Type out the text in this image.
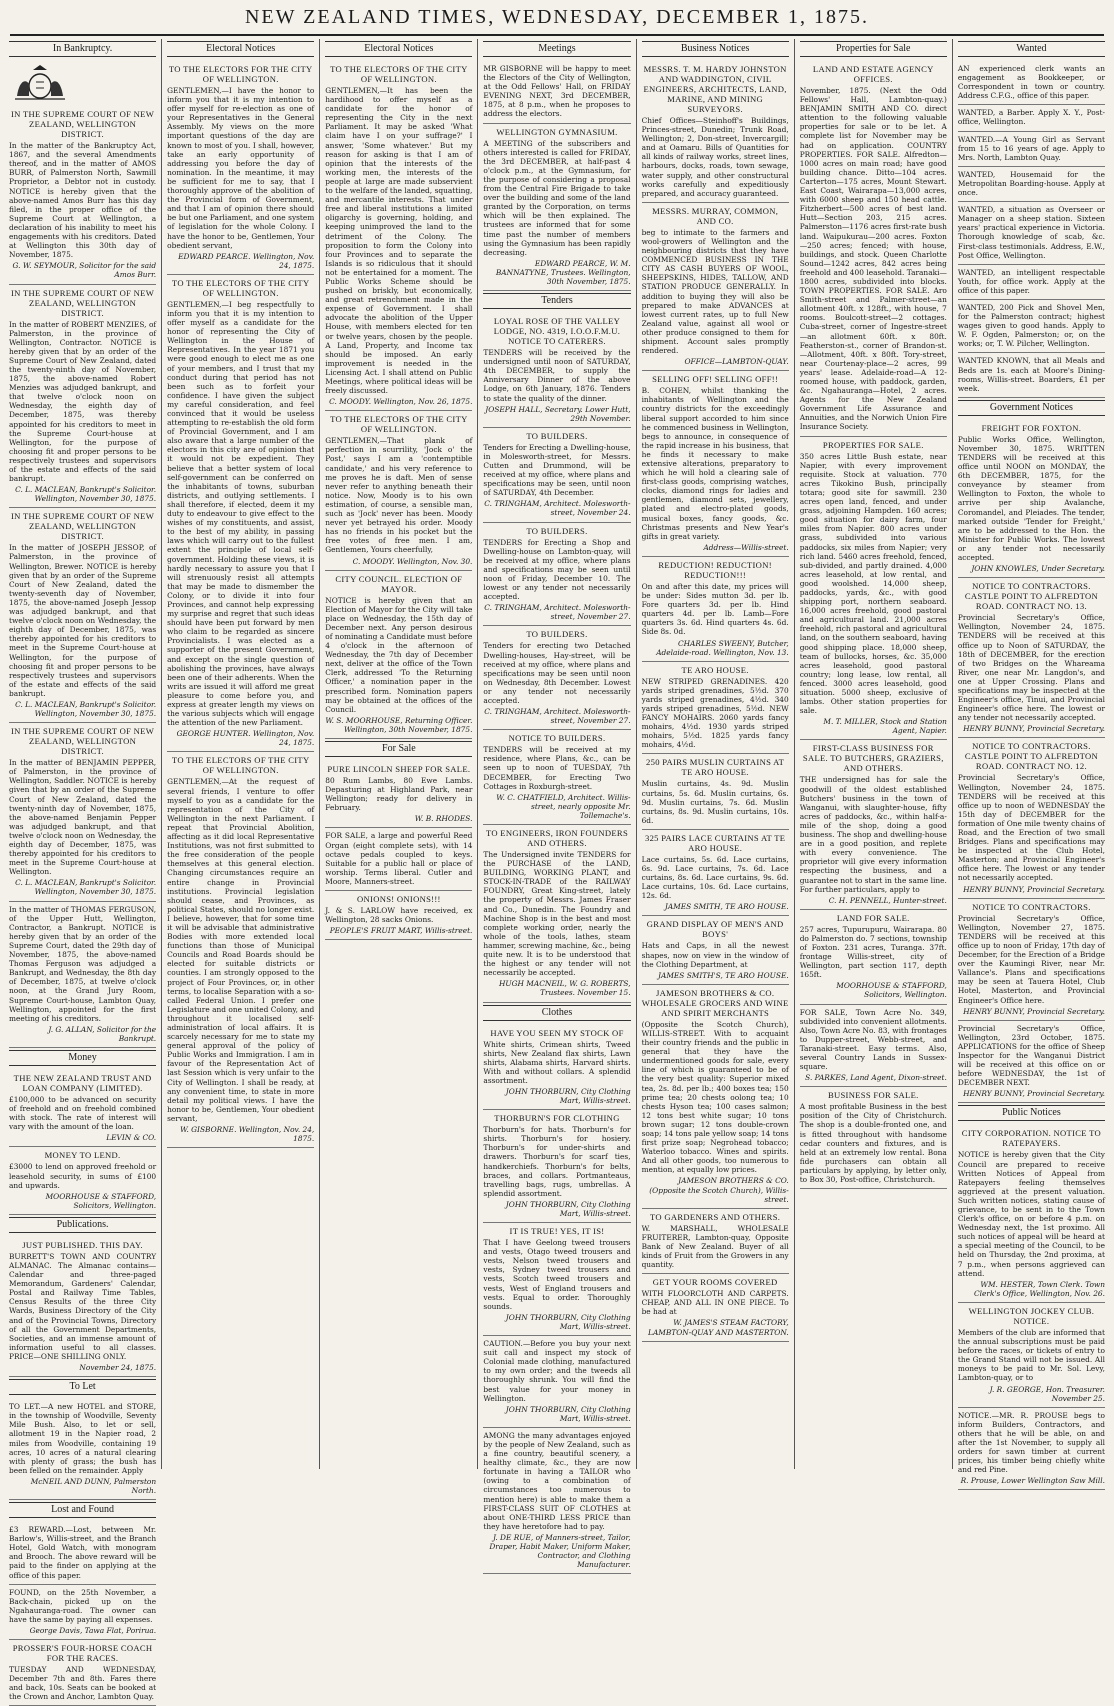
NEW ZEALAND TIMES, WEDNESDAY, DECEMBER 1, 1875.
In Bankruptcy.
IN THE SUPREME COURT OF NEW ZEALAND, WELLINGTON DISTRICT.
In the matter of the Bankruptcy Act, 1867, and the several Amendments thereof, and in the matter of AMOS BURR, of Palmerston North, Sawmill Proprietor, a Debtor not in custody. NOTICE is hereby given that the above-named Amos Burr has this day filed, in the proper office of the Supreme Court at Wellington, a declaration of his inability to meet his engagements with his creditors. Dated at Wellington this 30th day of November, 1875.
G. W. SEYMOUR, Solicitor for the said Amos Burr.
IN THE SUPREME COURT OF NEW ZEALAND, WELLINGTON DISTRICT.
In the matter of ROBERT MENZIES, of Palmerston, in the province of Wellington, Contractor. NOTICE is hereby given that by an order of the Supreme Court of New Zealand, dated the twenty-ninth day of November, 1875, the above-named Robert Menzies was adjudged bankrupt, and that twelve o'clock noon on Wednesday, the eighth day of December, 1875, was thereby appointed for his creditors to meet in the Supreme Court-house at Wellington, for the purpose of choosing fit and proper persons to be respectively trustees and supervisors of the estate and effects of the said bankrupt.
C. L. MACLEAN, Bankrupt's Solicitor. Wellington, November 30, 1875.
IN THE SUPREME COURT OF NEW ZEALAND, WELLINGTON DISTRICT.
In the matter of JOSEPH JESSOP, of Palmerston, in the province of Wellington, Brewer. NOTICE is hereby given that by an order of the Supreme Court of New Zealand, dated the twenty-seventh day of November, 1875, the above-named Joseph Jessop was adjudged bankrupt, and that twelve o'clock noon on Wednesday, the eighth day of December, 1875, was thereby appointed for his creditors to meet in the Supreme Court-house at Wellington, for the purpose of choosing fit and proper persons to be respectively trustees and supervisors of the estate and effects of the said bankrupt.
C. L. MACLEAN, Bankrupt's Solicitor. Wellington, November 30, 1875.
IN THE SUPREME COURT OF NEW ZEALAND, WELLINGTON DISTRICT.
In the matter of BENJAMIN PEPPER, of Palmerston, in the province of Wellington, Saddler. NOTICE is hereby given that by an order of the Supreme Court of New Zealand, dated the twenty-ninth day of November, 1875, the above-named Benjamin Pepper was adjudged bankrupt, and that twelve o'clock noon on Wednesday, the eighth day of December, 1875, was thereby appointed for his creditors to meet in the Supreme Court-house at Wellington.
C. L. MACLEAN, Bankrupt's Solicitor. Wellington, November 30, 1875.
In the matter of THOMAS FERGUSON, of the Upper Hutt, Wellington, Contractor, a Bankrupt. NOTICE is hereby given that by an order of the Supreme Court, dated the 29th day of November, 1875, the above-named Thomas Ferguson was adjudged a Bankrupt, and Wednesday, the 8th day of December, 1875, at twelve o'clock noon, at the Grand Jury Room, Supreme Court-house, Lambton Quay, Wellington, appointed for the first meeting of his creditors.
J. G. ALLAN, Solicitor for the Bankrupt.
Money
THE NEW ZEALAND TRUST AND LOAN COMPANY (LIMITED).
£100,000 to be advanced on security of freehold and on freehold combined with stock. The rate of interest will vary with the amount of the loan.
LEVIN & CO.
MONEY TO LEND.
£3000 to lend on approved freehold or leasehold security, in sums of £100 and upwards.
MOORHOUSE & STAFFORD, Solicitors, Wellington.
Publications.
JUST PUBLISHED. THIS DAY.
BURRETT'S TOWN AND COUNTRY ALMANAC. The Almanac contains—Calendar and three-paged Memorandum, Gardeners' Calendar, Postal and Railway Time Tables, Census Results of the three City Wards, Business Directory of the City and of the Provincial Towns, Directory of all the Government Departments, Societies, and an immense amount of information useful to all classes. PRICE—ONE SHILLING ONLY.
November 24, 1875.
To Let
TO LET.—A new HOTEL and STORE, in the township of Woodville, Seventy Mile Bush. Also, to let or sell, allotment 19 in the Napier road, 2 miles from Woodville, containing 19 acres, 10 acres of a natural clearing with plenty of grass; the bush has been felled on the remainder. Apply
McNEIL AND DUNN, Palmerston North.
Lost and Found
£3 REWARD.—Lost, between Mr. Barlow's, Willis-street, and the Branch Hotel, Gold Watch, with monogram and Brooch. The above reward will be paid to the finder on applying at the office of this paper.
FOUND, on the 25th November, a Back-chain, picked up on the Ngahauranga-road. The owner can have the same by paying all expenses.
George Davis, Tawa Flat, Porirua.
PROSSER'S FOUR-HORSE COACH FOR THE RACES.
TUESDAY AND WEDNESDAY, December 7th and 8th. Fares there and back, 10s. Seats can be booked at the Crown and Anchor, Lambton Quay.
Electoral Notices
TO THE ELECTORS FOR THE CITY OF WELLINGTON.
GENTLEMEN,—I have the honor to inform you that it is my intention to offer myself for re-election as one of your Representatives in the General Assembly. My views on the more important questions of the day are known to most of you. I shall, however, take an early opportunity of addressing you before the day of nomination. In the meantime, it may be sufficient for me to say, that I thoroughly approve of the abolition of the Provincial form of Government, and that I am of opinion there should be but one Parliament, and one system of legislation for the whole Colony. I have the honor to be, Gentlemen, Your obedient servant,
EDWARD PEARCE. Wellington, Nov. 24, 1875.
TO THE ELECTORS OF THE CITY OF WELLINGTON.
GENTLEMEN,—I beg respectfully to inform you that it is my intention to offer myself as a candidate for the honor of representing the City of Wellington in the House of Representatives. In the year 1871 you were good enough to elect me as one of your members, and I trust that my conduct during that period has not been such as to forfeit your confidence. I have given the subject my careful consideration, and feel convinced that it would be useless attempting to re-establish the old form of Provincial Government, and I am also aware that a large number of the electors in this city are of opinion that it would not be expedient. They believe that a better system of local self-government can be conferred on the inhabitants of towns, suburban districts, and outlying settlements. I shall therefore, if elected, deem it my duty to endeavour to give effect to the wishes of my constituents, and assist, to the best of my ability, in passing laws which will carry out to the fullest extent the principle of local self-government. Holding these views, it is hardly necessary to assure you that I will strenuously resist all attempts that may be made to dismember the Colony, or to divide it into four Provinces, and cannot help expressing my surprise and regret that such ideas should have been put forward by men who claim to be regarded as sincere Provincialists. I was elected as a supporter of the present Government, and except on the single question of abolishing the provinces, have always been one of their adherents. When the writs are issued it will afford me great pleasure to come before you, and express at greater length my views on the various subjects which will engage the attention of the new Parliament.
GEORGE HUNTER. Wellington, Nov. 24, 1875.
TO THE ELECTORS OF THE CITY OF WELLINGTON.
GENTLEMEN,—At the request of several friends, I venture to offer myself to you as a candidate for the representation of the City of Wellington in the next Parliament. I repeat that Provincial Abolition, affecting as it did local Representative Institutions, was not first submitted to the free consideration of the people themselves at this general election. Changing circumstances require an entire change in Provincial institutions. Provincial legislation should cease, and Provinces, as political States, should no longer exist. I believe, however, that for some time it will be advisable that administrative Bodies with more extended local functions than those of Municipal Councils and Road Boards should be elected for suitable districts or counties. I am strongly opposed to the project of Four Provinces, or, in other terms, to localise Separation with a so-called Federal Union. I prefer one Legislature and one united Colony, and throughout it localised self-administration of local affairs. It is scarcely necessary for me to state my general approval of the policy of Public Works and Immigration. I am in favour of the Representation Act of last Session which is very unfair to the City of Wellington. I shall be ready, at any convenient time, to state in more detail my political views. I have the honor to be, Gentlemen, Your obedient servant,
W. GISBORNE. Wellington, Nov. 24, 1875.
Electoral Notices
TO THE ELECTORS OF THE CITY OF WELLINGTON.
GENTLEMEN,—It has been the hardihood to offer myself as a candidate for the honor of representing the City in the next Parliament. It may be asked 'What claim have I on your suffrage?' I answer, 'Some whatever.' But my reason for asking is that I am of opinion that the interests of the working men, the interests of the people at large are made subservient to the welfare of the landed, squatting, and mercantile interests. That under free and liberal institutions a limited oligarchy is governing, holding, and keeping unimproved the land to the detriment of the Colony. The proposition to form the Colony into four Provinces and to separate the Islands is so ridiculous that it should not be entertained for a moment. The Public Works Scheme should be pushed on briskly, but economically, and great retrenchment made in the expense of Government. I shall advocate the abolition of the Upper House, with members elected for ten or twelve years, chosen by the people. A Land, Property, and Income tax should be imposed. An early improvement is needed in the Licensing Act. I shall attend on Public Meetings, where political ideas will be freely discussed.
C. MOODY. Wellington, Nov. 26, 1875.
TO THE ELECTORS OF THE CITY OF WELLINGTON.
GENTLEMEN,—That plank of perfection in scurrility, 'Jock o' the Post,' says I am a 'contemptible candidate,' and his very reference to me proves he is daft. Men of sense never refer to anything beneath their notice. Now, Moody is to his own estimation, of course, a sensible man, such as 'Jock' never has been. Moody never yet betrayed his order. Moody has no friends in his pocket but the free votes of free men. I am, Gentlemen, Yours cheerfully,
C. MOODY. Wellington, Nov. 30.
CITY COUNCIL. ELECTION OF MAYOR.
NOTICE is hereby given that an Election of Mayor for the City will take place on Wednesday, the 15th day of December next. Any person desirous of nominating a Candidate must before 4 o'clock in the afternoon of Wednesday, the 7th day of December next, deliver at the office of the Town Clerk, addressed 'To the Returning Officer,' a nomination paper in the prescribed form. Nomination papers may be obtained at the offices of the Council.
W. S. MOORHOUSE, Returning Officer. Wellington, 30th November, 1875.
For Sale
PURE LINCOLN SHEEP FOR SALE.
80 Rum Lambs, 80 Ewe Lambs. Depasturing at Highland Park, near Wellington; ready for delivery in February.
W. B. RHODES.
FOR SALE, a large and powerful Reed Organ (eight complete sets), with 14 octave pedals coupled to keys. Suitable for a public hall or place of worship. Terms liberal. Cutler and Moore, Manners-street.
ONIONS! ONIONS!!!
J. & S. LARLOW have received, ex Wellington, 28 sacks Onions.
PEOPLE'S FRUIT MART, Willis-street.
Meetings
MR GISBORNE will be happy to meet the Electors of the City of Wellington, at the Odd Fellows' Hall, on FRIDAY EVENING NEXT, 3rd DECEMBER, 1875, at 8 p.m., when he proposes to address the electors.
WELLINGTON GYMNASIUM.
A MEETING of the subscribers and others interested is called for FRIDAY, the 3rd DECEMBER, at half-past 4 o'clock p.m., at the Gymnasium, for the purpose of considering a proposal from the Central Fire Brigade to take over the building and some of the land granted by the Corporation, on terms which will be then explained. The trustees are informed that for some time past the number of members using the Gymnasium has been rapidly decreasing.
EDWARD PEARCE, W. M. BANNATYNE, Trustees. Wellington, 30th November, 1875.
Tenders
LOYAL ROSE OF THE VALLEY LODGE, NO. 4319, I.O.O.F.M.U. NOTICE TO CATERERS.
TENDERS will be received by the undersigned until noon of SATURDAY, 4th DECEMBER, to supply the Anniversary Dinner of the above Lodge, on 6th January, 1876. Tenders to state the quality of the dinner.
JOSEPH HALL, Secretary. Lower Hutt, 29th November.
TO BUILDERS.
Tenders for Erecting a Dwelling-house, in Molesworth-street, for Messrs. Cutten and Drummond, will be received at my office, where plans and specifications may be seen, until noon of SATURDAY, 4th December.
C. TRINGHAM, Architect. Molesworth-street, November 24.
TO BUILDERS.
TENDERS for Erecting a Shop and Dwelling-house on Lambton-quay, will be received at my office, where plans and specifications may be seen until noon of Friday, December 10. The lowest or any tender not necessarily accepted.
C. TRINGHAM, Architect. Molesworth-street, November 27.
TO BUILDERS.
Tenders for erecting two Detached Dwelling-houses, Hay-street, will be received at my office, where plans and specifications may be seen until noon on Wednesday, 8th December. Lowest or any tender not necessarily accepted.
C. TRINGHAM, Architect. Molesworth-street, November 27.
NOTICE TO BUILDERS.
TENDERS will be received at my residence, where Plans, &c., can be seen up to noon of TUESDAY, 7th DECEMBER, for Erecting Two Cottages in Roxburgh-street.
W. C. CHATFIELD, Architect. Willis-street, nearly opposite Mr. Tollemache's.
TO ENGINEERS, IRON FOUNDERS AND OTHERS.
The Undersigned invite TENDERS for the PURCHASE of the LAND, BUILDING, WORKING PLANT, and STOCK-IN-TRADE of the RAILWAY FOUNDRY, Great King-street, lately the property of Messrs. James Fraser and Co., Dunedin. The Foundry and Machine Shop is in the best and most complete working order, nearly the whole of the tools, lathes, steam hammer, screwing machine, &c., being quite new. It is to be understood that the highest or any tender will not necessarily be accepted.
HUGH MACNEIL, W. G. ROBERTS, Trustees. November 15.
Clothes
HAVE YOU SEEN MY STOCK OF
White shirts, Crimean shirts, Tweed shirts, New Zealand flax shirts, Lawn shirts, Alabama shirts, Harvard shirts. With and without collars. A splendid assortment.
JOHN THORBURN, City Clothing Mart, Willis-street.
THORBURN'S FOR CLOTHING
Thorburn's for hats. Thorburn's for shirts. Thorburn's for hosiery. Thorburn's for under-shirts and drawers. Thorburn's for scarf ties, handkerchiefs. Thorburn's for belts, braces, and collars. Portmanteaus, travelling bags, rugs, umbrellas. A splendid assortment.
JOHN THORBURN, City Clothing Mart, Willis-street.
IT IS TRUE! YES, IT IS!
That I have Geelong tweed trousers and vests, Otago tweed trousers and vests, Nelson tweed trousers and vests, Sydney tweed trousers and vests, Scotch tweed trousers and vests, West of England trousers and vests. Equal to order. Thoroughly sounds.
JOHN THORBURN, City Clothing Mart, Willis-street.
CAUTION.—Before you buy your next suit call and inspect my stock of Colonial made clothing, manufactured to my own order; and the tweeds all thoroughly shrunk. You will find the best value for your money in Wellington.
JOHN THORBURN, City Clothing Mart, Willis-street.
AMONG the many advantages enjoyed by the people of New Zealand, such as a fine country, beautiful scenery, a healthy climate, &c., they are now fortunate in having a TAILOR who (owing to a combination of circumstances too numerous to mention here) is able to make them a FIRST-CLASS SUIT OF CLOTHES at about ONE-THIRD LESS PRICE than they have heretofore had to pay.
J. DE RUE, of Manners-street, Tailor, Draper, Habit Maker, Uniform Maker, Contractor, and Clothing Manufacturer.
Business Notices
MESSRS. T. M. HARDY JOHNSTON AND WADDINGTON, CIVIL ENGINEERS, ARCHITECTS, LAND, MARINE, AND MINING SURVEYORS.
Chief Offices—Steinhoff's Buildings, Princes-street, Dunedin; Trunk Road, Wellington; 2, Don-street, Invercargill; and at Oamaru. Bills of Quantities for all kinds of railway works, street lines, harbours, docks, roads, town sewage, water supply, and other constructural works carefully and expeditiously prepared, and accuracy guaranteed.
MESSRS. MURRAY, COMMON, AND CO.
beg to intimate to the farmers and wool-growers of Wellington and the neighbouring districts that they have COMMENCED BUSINESS IN THE CITY AS CASH BUYERS OF WOOL, SHEEPSKINS, HIDES, TALLOW, AND STATION PRODUCE GENERALLY. In addition to buying they will also be prepared to make ADVANCES at lowest current rates, up to full New Zealand value, against all wool or other produce consigned to them for shipment. Account sales promptly rendered.
OFFICE—LAMBTON-QUAY.
SELLING OFF! SELLING OFF!!
B. COHEN, whilst thanking the inhabitants of Wellington and the country districts for the exceedingly liberal support accorded to him since he commenced business in Wellington, begs to announce, in consequence of the rapid increase in his business, that he finds it necessary to make extensive alterations, preparatory to which he will hold a clearing sale of first-class goods, comprising watches, clocks, diamond rings for ladies and gentlemen, diamond sets, jewellery, plated and electro-plated goods, musical boxes, fancy goods, &c. Christmas presents and New Year's gifts in great variety.
Address—Willis-street.
REDUCTION! REDUCTION! REDUCTION!!!
On and after this date, my prices will be under: Sides mutton 3d. per lb. Fore quarters 3d. per lb. Hind quarters 4d. per lb. Lamb—Fore quarters 3s. 6d. Hind quarters 4s. 6d. Side 8s. 0d.
CHARLES SWEENY, Butcher, Adelaide-road. Wellington, Nov. 13.
TE ARO HOUSE.
NEW STRIPED GRENADINES. 420 yards striped grenadines, 5½d. 370 yards striped grenadines, 4½d. 340 yards striped grenadines, 5½d. NEW FANCY MOHAIRS. 2060 yards fancy mohairs, 4½d. 1930 yards striped mohairs, 5½d. 1825 yards fancy mohairs, 4½d.
250 PAIRS MUSLIN CURTAINS AT TE ARO HOUSE.
Muslin curtains, 4s. 9d. Muslin curtains, 5s. 6d. Muslin curtains, 6s. 9d. Muslin curtains, 7s. 6d. Muslin curtains, 8s. 9d. Muslin curtains, 10s. 6d.
325 PAIRS LACE CURTAINS AT TE ARO HOUSE.
Lace curtains, 5s. 6d. Lace curtains, 6s. 9d. Lace curtains, 7s. 6d. Lace curtains, 8s. 6d. Lace curtains, 9s. 6d. Lace curtains, 10s. 6d. Lace curtains, 12s. 6d.
JAMES SMITH, TE ARO HOUSE.
GRAND DISPLAY OF MEN'S AND BOYS'
Hats and Caps, in all the newest shapes, now on view in the window of the Clothing Department, at
JAMES SMITH'S, TE ARO HOUSE.
JAMESON BROTHERS & CO. WHOLESALE GROCERS AND WINE AND SPIRIT MERCHANTS
(Opposite the Scotch Church), WILLIS-STREET. With to acquaint their country friends and the public in general that they have the undermentioned goods for sale, every line of which is guaranteed to be of the very best quality: Superior mixed tea, 2s. 8d. per lb.; 400 boxes tea; 150 prime tea; 20 chests oolong tea; 10 chests Hyson tea; 100 cases salmon; 12 tons best white sugar; 10 tons brown sugar; 12 tons double-crown soap; 14 tons pale yellow soap; 14 tons first prize soap; Negrohead tobacco; Waterloo tobacco. Wines and spirits. And all other goods, too numerous to mention, at equally low prices.
JAMESON BROTHERS & CO. (Opposite the Scotch Church), Willis-street.
TO GARDENERS AND OTHERS.
W. MARSHALL, WHOLESALE FRUITERER, Lambton-quay, Opposite Bank of New Zealand. Buyer of all kinds of Fruit from the Growers in any quantity.
GET YOUR ROOMS COVERED
WITH FLOORCLOTH AND CARPETS. CHEAP, AND ALL IN ONE PIECE. To be had at
W. JAMES'S STEAM FACTORY, LAMBTON-QUAY AND MASTERTON.
Properties for Sale
LAND AND ESTATE AGENCY OFFICES.
November, 1875. (Next the Odd Fellows' Hall, Lambton-quay.) BENJAMIN SMITH AND CO. direct attention to the following valuable properties for sale or to be let. A complete list for November may be had on application. COUNTRY PROPERTIES. FOR SALE. Alfredton—1000 acres on main road; have good building chance. Ditto—104 acres. Carterton—175 acres, Mount Stewart. East Coast, Wairarapa—13,000 acres, with 6000 sheep and 150 head cattle. Fitzherbert—500 acres of best land. Hutt—Section 203, 215 acres. Palmerston—1176 acres first-rate bush land. Waipukurau—200 acres. Foxton—250 acres; fenced; with house, buildings, and stock. Queen Charlotte Sound—1242 acres, 842 acres being freehold and 400 leasehold. Taranaki—1800 acres, subdivided into blocks. TOWN PROPERTIES. FOR SALE. Aro Smith-street and Palmer-street—an allotment 40ft. x 128ft., with house, 7 rooms. Boulcott-street—2 cottages. Cuba-street, corner of Ingestre-street—an allotment 60ft. x 80ft. Featherston-st., corner of Brandon-st.—Allotment, 40ft. x 80ft. Tory-street, near Courtenay-place—2 acres, 99 years' lease. Adelaide-road—A 12-roomed house, with paddock, garden, &c. Ngahauranga—Hotel, 2 acres. Agents for the New Zealand Government Life Assurance and Annuities, and the Norwich Union Fire Insurance Society.
PROPERTIES FOR SALE.
350 acres Little Bush estate, near Napier, with every improvement requisite. Stock at valuation. 770 acres Tikokino Bush, principally totara; good site for sawmill. 230 acres open land, fenced, and under grass, adjoining Hampden. 160 acres; good situation for dairy farm, four miles from Napier. 800 acres under grass, subdivided into various paddocks, six miles from Napier; very rich land. 5460 acres freehold, fenced, sub-divided, and partly drained. 4,000 acres leasehold, at low rental, and good woolshed. 14,000 sheep, paddocks, yards, &c., with good shipping port, northern seaboard. 16,000 acres freehold, good pastoral and agricultural land. 21,000 acres freehold, rich pastoral and agricultural land, on the southern seaboard, having good shipping place. 18,000 sheep, team of bullocks, horses, &c. 35,000 acres leasehold, good pastoral country; long lease, low rental, all fenced. 3000 acres leasehold, good situation. 5000 sheep, exclusive of lambs. Other station properties for sale.
M. T. MILLER, Stock and Station Agent, Napier.
FIRST-CLASS BUSINESS FOR SALE. TO BUTCHERS, GRAZIERS, AND OTHERS.
THE undersigned has for sale the goodwill of the oldest established Butchers' business in the town of Wanganui, with slaughter-house, fifty acres of paddocks, &c., within half-a-mile of the shop, doing a good business. The shop and dwelling-house are in a good position, and replete with every convenience. The proprietor will give every information respecting the business, and a guarantee not to start in the same line. For further particulars, apply to
C. H. PENNELL, Hunter-street.
LAND FOR SALE.
257 acres, Tupurupuru, Wairarapa. 80 do Palmerston do. 7 sections, township of Foxton. 231 acres, Turanga. 37ft. frontage Willis-street, city of Wellington, part section 117, depth 165ft.
MOORHOUSE & STAFFORD, Solicitors, Wellington.
FOR SALE, Town Acre No. 349, subdivided into convenient allotments. Also, Town Acre No. 83, with frontages to Dupper-street, Webb-street, and Taranaki-street. Easy terms. Also, several Country Lands in Sussex-square.
S. PARKES, Land Agent, Dixon-street.
BUSINESS FOR SALE.
A most profitable Business in the best position of the City of Christchurch. The shop is a double-fronted one, and is fitted throughout with handsome cedar counters and fixtures, and is held at an extremely low rental. Bona fide purchasers can obtain all particulars by applying, by letter only, to Box 30, Post-office, Christchurch.
Wanted
AN experienced clerk wants an engagement as Bookkeeper, or Correspondent in town or country. Address C.F.G., office of this paper.
WANTED, a Barber. Apply X. Y., Post-office, Wellington.
WANTED.—A Young Girl as Servant from 15 to 16 years of age. Apply to Mrs. North, Lambton Quay.
WANTED, Housemaid for the Metropolitan Boarding-house. Apply at once.
WANTED, a situation as Overseer or Manager on a sheep station. Sixteen years' practical experience in Victoria. Thorough knowledge of scab, &c. First-class testimonials. Address, E.W., Post Office, Wellington.
WANTED, an intelligent respectable Youth, for office work. Apply at the office of this paper.
WANTED, 200 Pick and Shovel Men, for the Palmerston contract; highest wages given to good hands. Apply to W. F. Ogden, Palmerston; or, on the works; or, T. W. Pilcher, Wellington.
WANTED KNOWN, that all Meals and Beds are 1s. each at Moore's Dining-rooms, Willis-street. Boarders, £1 per week.
Government Notices
FREIGHT FOR FOXTON.
Public Works Office, Wellington, November 30, 1875. WRITTEN TENDERS will be received at this office until NOON on MONDAY, the 6th DECEMBER, 1875, for the conveyance by steamer from Wellington to Foxton, the whole to arrive per ship Avalanche, Coromandel, and Pleiades. The tender, marked outside 'Tender for Freight,' are to be addressed to the Hon. the Minister for Public Works. The lowest or any tender not necessarily accepted.
JOHN KNOWLES, Under Secretary.
NOTICE TO CONTRACTORS. CASTLE POINT TO ALFREDTON ROAD. CONTRACT NO. 13.
Provincial Secretary's Office, Wellington, November 24, 1875. TENDERS will be received at this office up to Noon of SATURDAY, the 18th of DECEMBER, for the erection of two Bridges on the Whareama River, one near Mr. Langdon's, and one at Upper Crossing. Plans and specifications may be inspected at the Engineer's office, Tinui, and Provincial Engineer's office here. The lowest or any tender not necessarily accepted.
HENRY BUNNY, Provincial Secretary.
NOTICE TO CONTRACTORS. CASTLE POINT TO ALFREDTON ROAD. CONTRACT NO. 12.
Provincial Secretary's Office, Wellington, November 24, 1875. TENDERS will be received at this office up to noon of WEDNESDAY the 15th day of DECEMBER for the formation of One mile twenty chains of Road, and the Erection of two small Bridges. Plans and specifications may be inspected at the Club Hotel, Masterton; and Provincial Engineer's office here. The lowest or any tender not necessarily accepted.
HENRY BUNNY, Provincial Secretary.
NOTICE TO CONTRACTORS.
Provincial Secretary's Office, Wellington, November 27, 1875. TENDERS will be received at this office up to noon of Friday, 17th day of December, for the Erection of a Bridge over the Kaumingi River, near Mr. Vallance's. Plans and specifications may be seen at Tauera Hotel, Club Hotel, Masterton, and Provincial Engineer's Office here.
HENRY BUNNY, Provincial Secretary.
Provincial Secretary's Office, Wellington, 23rd October, 1875. APPLICATIONS for the office of Sheep Inspector for the Wanganui District will be received at this office on or before WEDNESDAY, the 1st of DECEMBER NEXT.
HENRY BUNNY, Provincial Secretary.
Public Notices
CITY CORPORATION. NOTICE TO RATEPAYERS.
NOTICE is hereby given that the City Council are prepared to receive Written Notices of Appeal from Ratepayers feeling themselves aggrieved at the present valuation. Such written notices, stating cause of grievance, to be sent in to the Town Clerk's office, on or before 4 p.m. on Wednesday next, the 1st proximo. All such notices of appeal will be heard at a special meeting of the Council, to be held on Thursday, the 2nd proxima, at 7 p.m., when persons aggrieved can attend.
WM. HESTER, Town Clerk. Town Clerk's Office, Wellington, Nov. 26.
WELLINGTON JOCKEY CLUB. NOTICE.
Members of the club are informed that the annual subscriptions must be paid before the races, or tickets of entry to the Grand Stand will not be issued. All moneys to be paid to Mr. Sol. Levy, Lambton-quay, or to
J. R. GEORGE, Hon. Treasurer. November 25.
NOTICE.—MR. R. PROUSE begs to inform Builders, Contractors, and others that he will be able, on and after the 1st November, to supply all orders for sawn timber at current prices, his timber being chiefly white and red Pine.
R. Prouse, Lower Wellington Saw Mill.
